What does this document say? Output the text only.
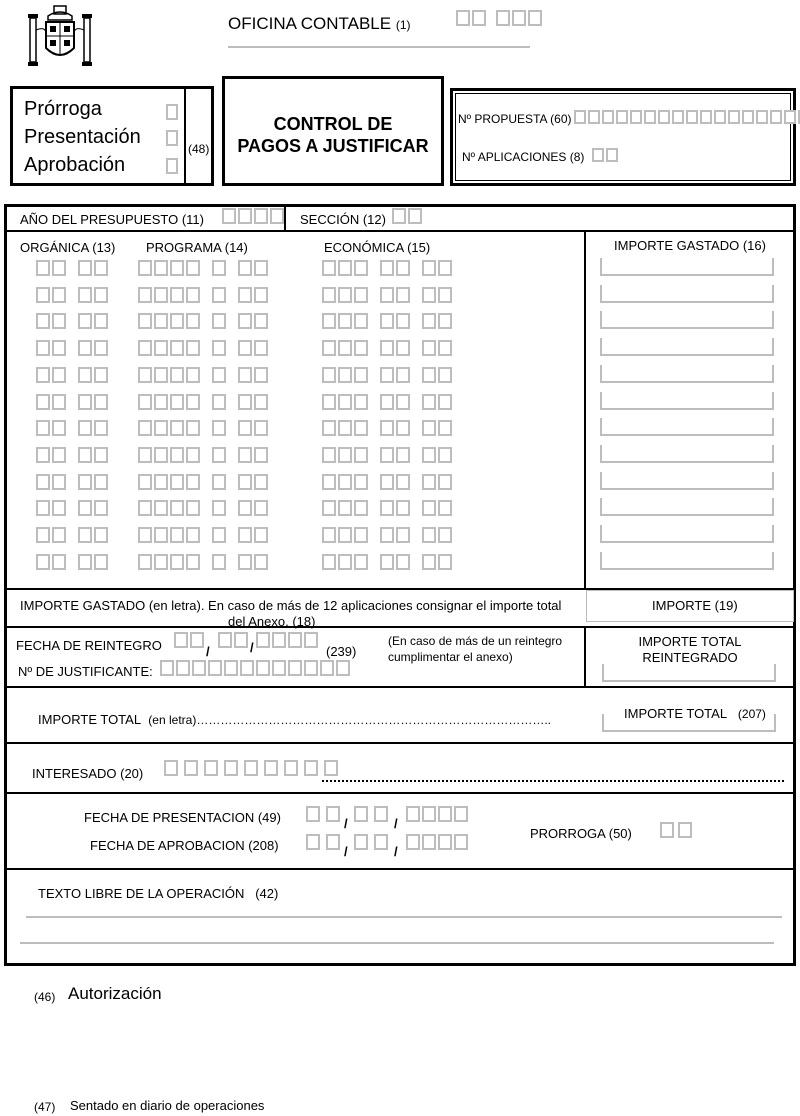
OFICINA CONTABLE (1)
Prórroga
Presentación
Aprobación
(48)
CONTROL DE
PAGOS A JUSTIFICAR
Nº PROPUESTA (60)
Nº APLICACIONES (8)
AÑO DEL PRESUPUESTO (11)	SECCIÓN (12)
ORGÁNICA (13) PROGRAMA (14)	ECONÓMICA (15)	IMPORTE GASTADO (16)
IMPORTE GASTADO (en letra). En caso de más de 12 aplicaciones consignar el importe total
del Anexo. (18)
IMPORTE (19)
FECHA DE REINTEGRO	/	/	(239)
(En caso de más de un reintegro
cumplimentar el anexo)
Nº DE JUSTIFICANTE:
IMPORTE TOTAL
REINTEGRADO
IMPORTE TOTAL (en letra)……………………………………………………………………………..	IMPORTE TOTAL (207)
INTERESADO (20)
FECHA DE PRESENTACION (49)	/	/
FECHA DE APROBACION (208)	/	/
PRORROGA (50)
TEXTO LIBRE DE LA OPERACIÓN (42)
(46) Autorización
(47) Sentado en diario de operaciones
